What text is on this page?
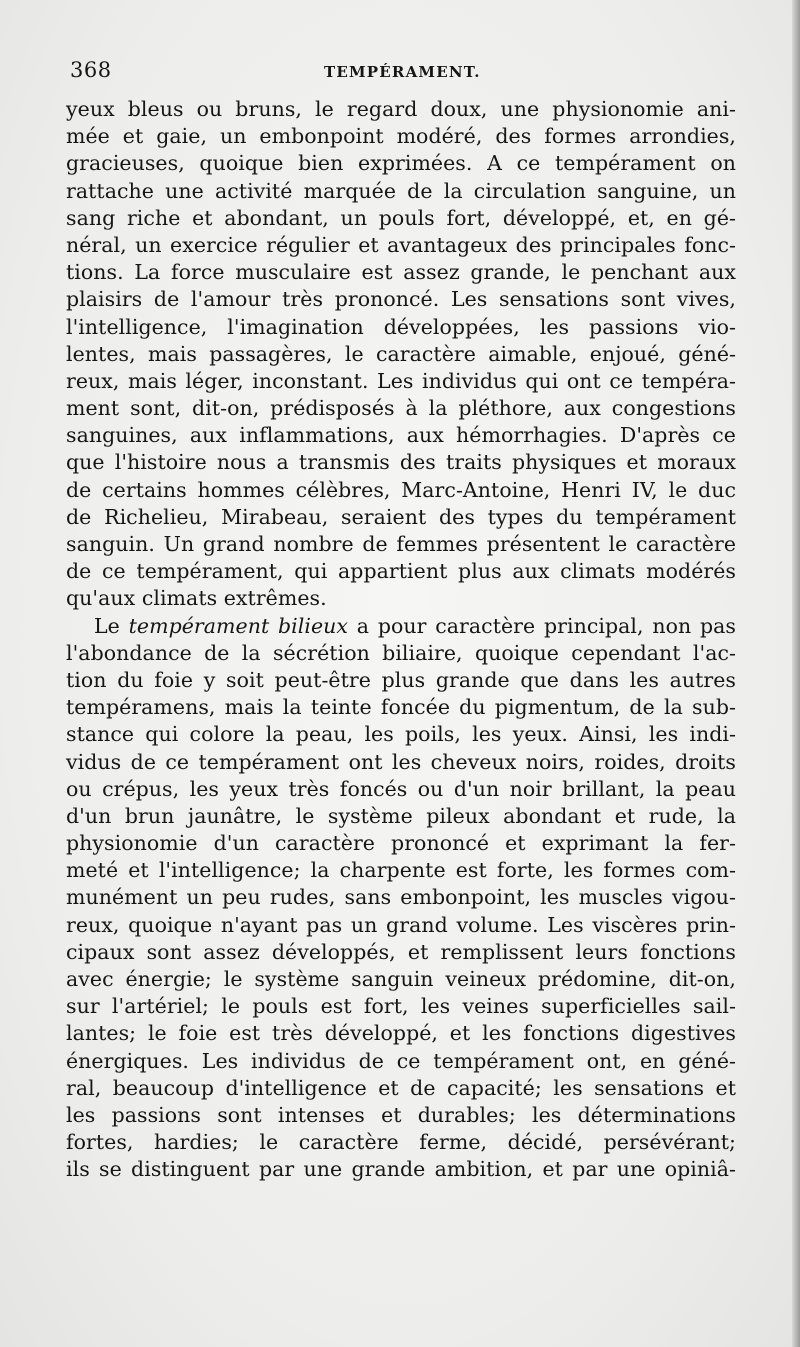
368	TEMPÉRAMENT.
yeux bleus ou bruns, le regard doux, une physionomie ani-
mée et gaie, un embonpoint modéré, des formes arrondies,
gracieuses, quoique bien exprimées. A ce tempérament on
rattache une activité marquée de la circulation sanguine, un
sang riche et abondant, un pouls fort, développé, et, en gé-
néral, un exercice régulier et avantageux des principales fonc-
tions. La force musculaire est assez grande, le penchant aux
plaisirs de l'amour très prononcé. Les sensations sont vives,
l'intelligence, l'imagination développées, les passions vio-
lentes, mais passagères, le caractère aimable, enjoué, géné-
reux, mais léger, inconstant. Les individus qui ont ce tempéra-
ment sont, dit-on, prédisposés à la pléthore, aux congestions
sanguines, aux inflammations, aux hémorrhagies. D'après ce
que l'histoire nous a transmis des traits physiques et moraux
de certains hommes célèbres, Marc-Antoine, Henri IV, le duc
de Richelieu, Mirabeau, seraient des types du tempérament
sanguin. Un grand nombre de femmes présentent le caractère
de ce tempérament, qui appartient plus aux climats modérés
qu'aux climats extrêmes.
Le tempérament bilieux a pour caractère principal, non pas
l'abondance de la sécrétion biliaire, quoique cependant l'ac-
tion du foie y soit peut-être plus grande que dans les autres
tempéramens, mais la teinte foncée du pigmentum, de la sub-
stance qui colore la peau, les poils, les yeux. Ainsi, les indi-
vidus de ce tempérament ont les cheveux noirs, roides, droits
ou crépus, les yeux très foncés ou d'un noir brillant, la peau
d'un brun jaunâtre, le système pileux abondant et rude, la
physionomie d'un caractère prononcé et exprimant la fer-
meté et l'intelligence; la charpente est forte, les formes com-
munément un peu rudes, sans embonpoint, les muscles vigou-
reux, quoique n'ayant pas un grand volume. Les viscères prin-
cipaux sont assez développés, et remplissent leurs fonctions
avec énergie; le système sanguin veineux prédomine, dit-on,
sur l'artériel; le pouls est fort, les veines superficielles sail-
lantes; le foie est très développé, et les fonctions digestives
énergiques. Les individus de ce tempérament ont, en géné-
ral, beaucoup d'intelligence et de capacité; les sensations et
les passions sont intenses et durables; les déterminations
fortes, hardies; le caractère ferme, décidé, persévérant;
ils se distinguent par une grande ambition, et par une opiniâ-
